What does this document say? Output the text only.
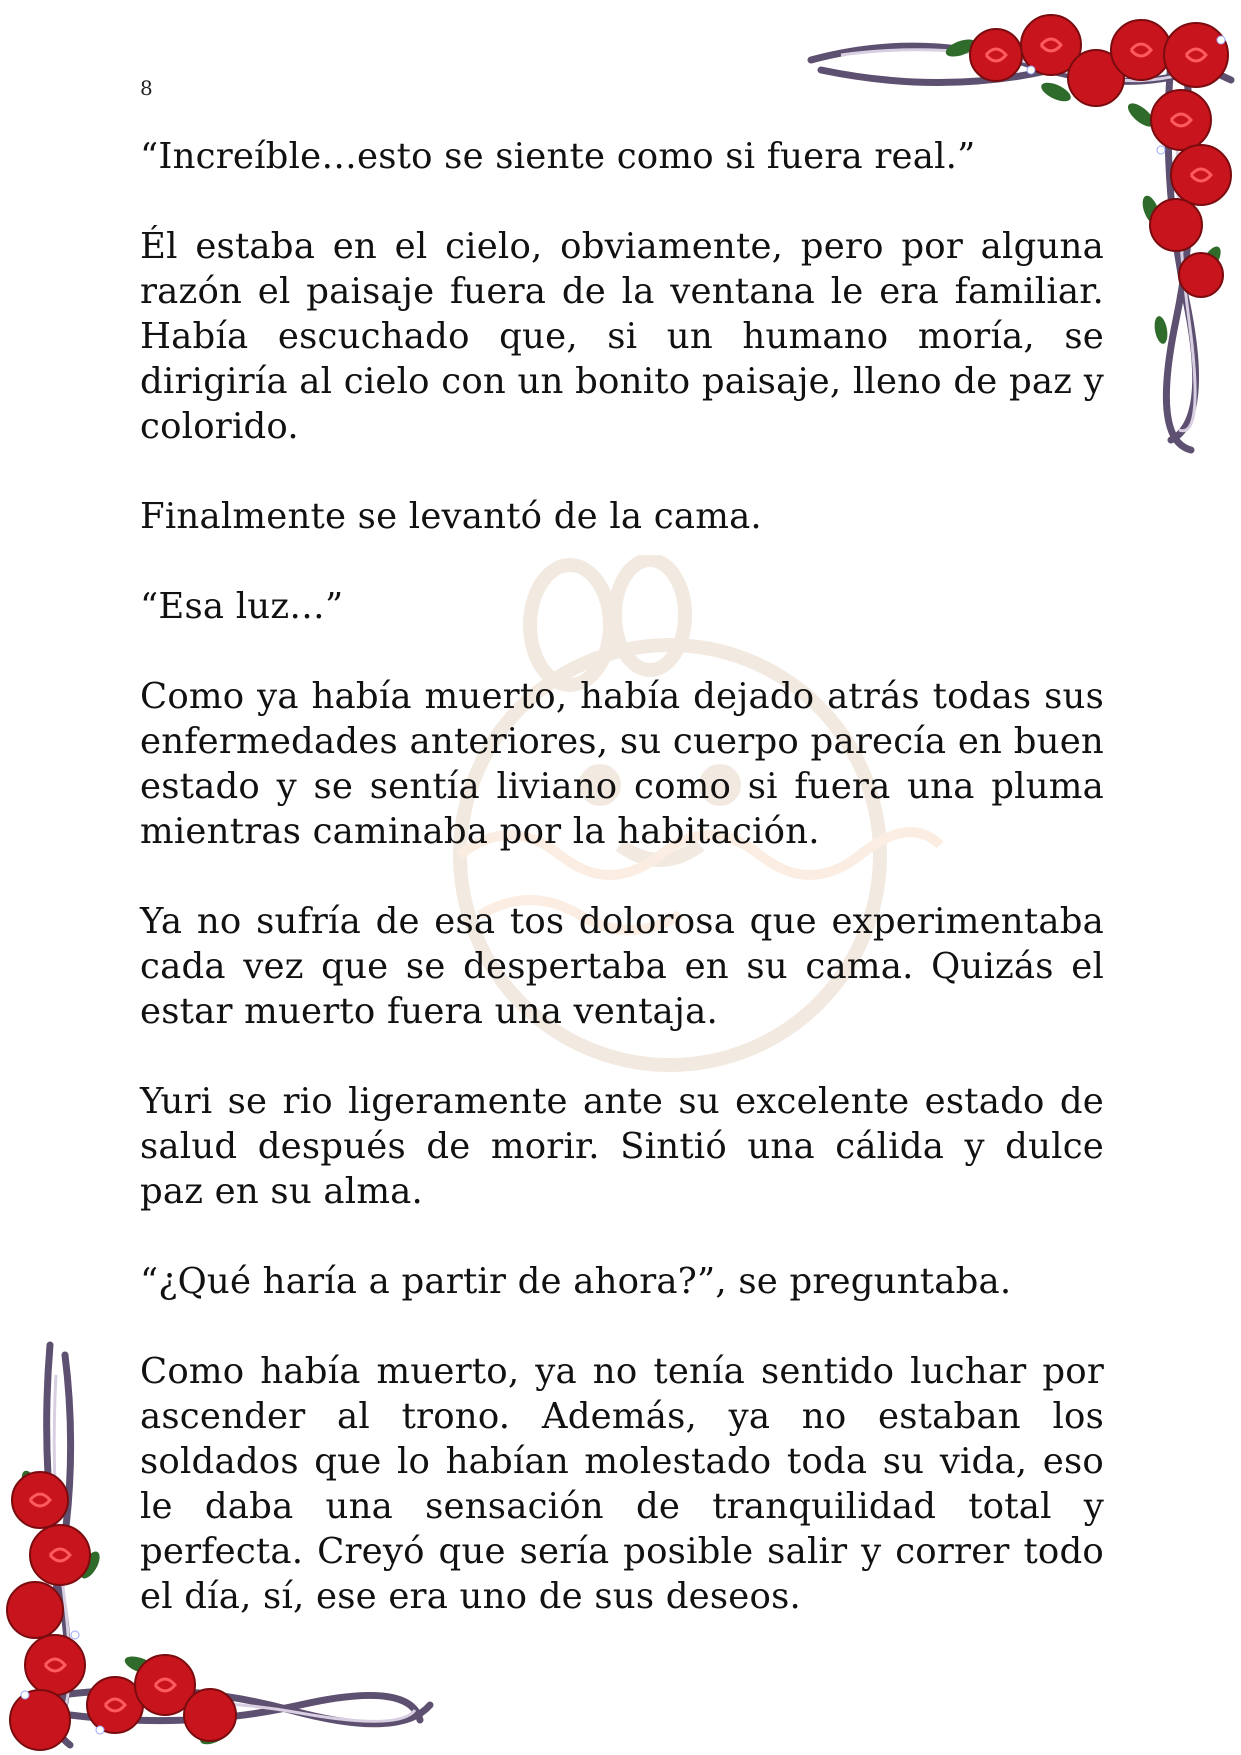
8

“Increíble…esto se siente como si fuera real.”

Él estaba en el cielo, obviamente, pero por alguna razón el paisaje fuera de la ventana le era familiar. Había escuchado que, si un humano moría, se dirigiría al cielo con un bonito paisaje, lleno de paz y colorido.

Finalmente se levantó de la cama.

“Esa luz…”

Como ya había muerto, había dejado atrás todas sus enfermedades anteriores, su cuerpo parecía en buen estado y se sentía liviano como si fuera una pluma mientras caminaba por la habitación.

Ya no sufría de esa tos dolorosa que experimentaba cada vez que se despertaba en su cama. Quizás el estar muerto fuera una ventaja.

Yuri se rio ligeramente ante su excelente estado de salud después de morir. Sintió una cálida y dulce paz en su alma.

“¿Qué haría a partir de ahora?”, se preguntaba.

Como había muerto, ya no tenía sentido luchar por ascender al trono. Además, ya no estaban los soldados que lo habían molestado toda su vida, eso le daba una sensación de tranquilidad total y perfecta. Creyó que sería posible salir y correr todo el día, sí, ese era uno de sus deseos.
